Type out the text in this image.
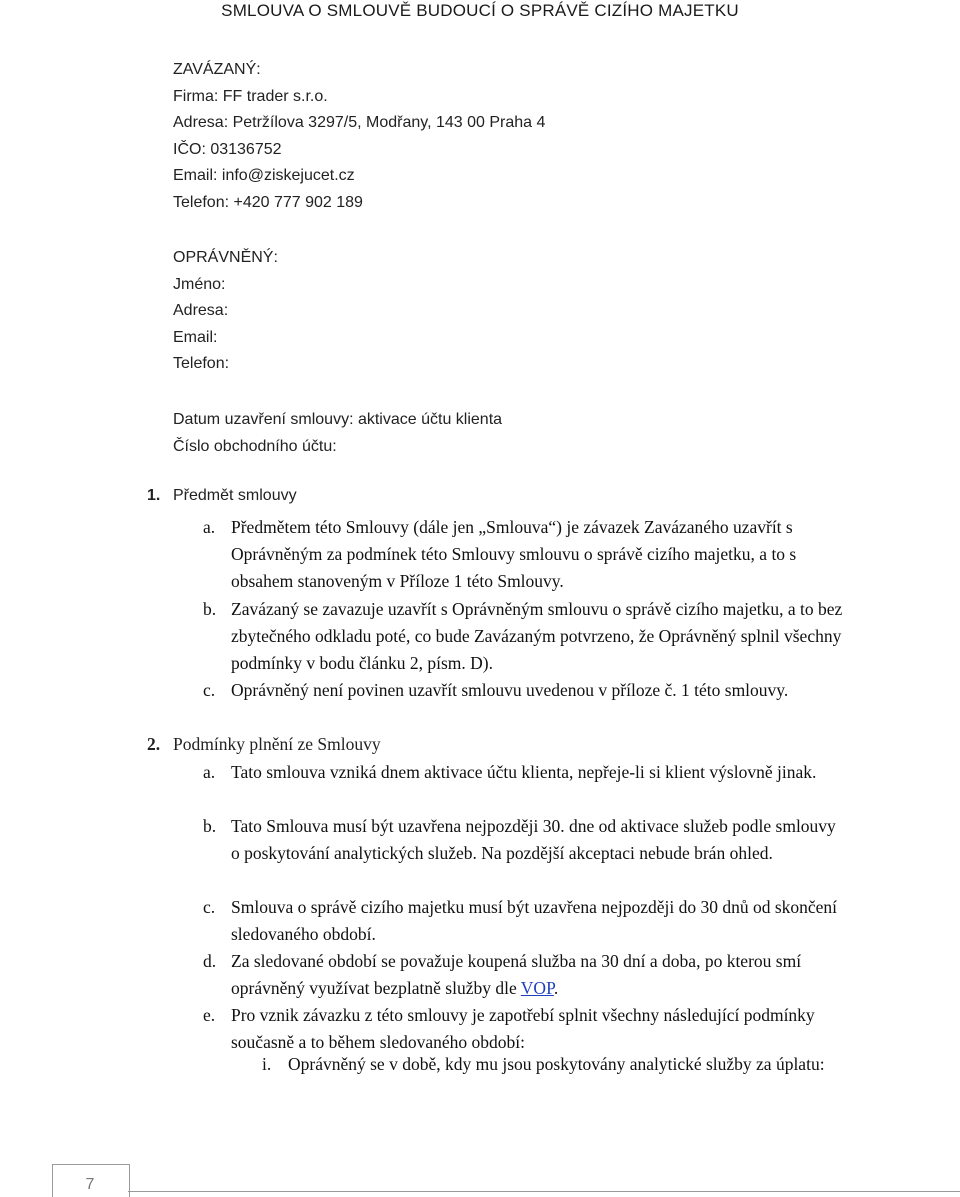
SMLOUVA O SMLOUVĚ BUDOUCÍ O SPRÁVĚ CIZÍHO MAJETKU
ZAVÁZANÝ:
Firma: FF trader s.r.o.
Adresa: Petržílova 3297/5, Modřany, 143 00 Praha 4
IČO: 03136752
Email: info@ziskejucet.cz
Telefon: +420 777 902 189
OPRÁVNĚNÝ:
Jméno:
Adresa:
Email:
Telefon:
Datum uzavření smlouvy: aktivace účtu klienta
Číslo obchodního účtu:
1. Předmět smlouvy
a. Předmětem této Smlouvy (dále jen „Smlouva“) je závazek Zavázaného uzavřít s Oprávněným za podmínek této Smlouvy smlouvu o správě cizího majetku, a to s obsahem stanoveným v Příloze 1 této Smlouvy.
b. Zavázaný se zavazuje uzavřít s Oprávněným smlouvu o správě cizího majetku, a to bez zbytečného odkladu poté, co bude Zavázaným potvrzeno, že Oprávněný splnil všechny podmínky v bodu článku 2, písm. D).
c. Oprávněný není povinen uzavřít smlouvu uvedenou v příloze č. 1 této smlouvy.
2. Podmínky plnění ze Smlouvy
a. Tato smlouva vzniká dnem aktivace účtu klienta, nepřeje-li si klient výslovně jinak.
b. Tato Smlouva musí být uzavřena nejpozději 30. dne od aktivace služeb podle smlouvy o poskytování analytických služeb. Na pozdější akceptaci nebude brán ohled.
c. Smlouva o správě cizího majetku musí být uzavřena nejpozději do 30 dnů od skončení sledovaného období.
d. Za sledované období se považuje koupená služba na 30 dní a doba, po kterou smí oprávněný využívat bezplatně služby dle VOP.
e. Pro vznik závazku z této smlouvy je zapotřebí splnit všechny následující podmínky současně a to během sledovaného období:
i. Oprávněný se v době, kdy mu jsou poskytovány analytické služby za úplatu:
7
